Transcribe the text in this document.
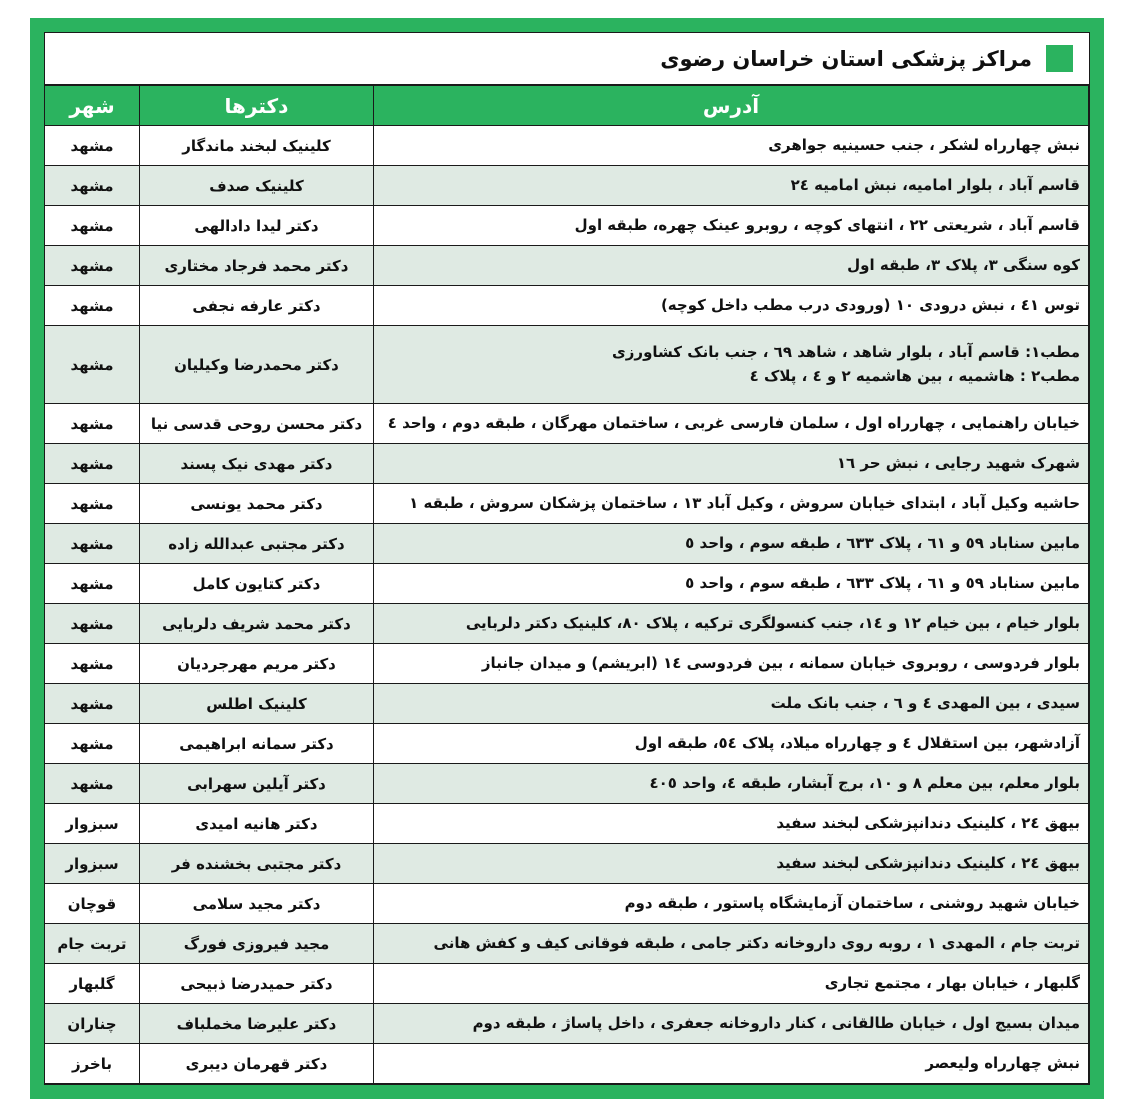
مراکز پزشکی استان خراسان رضوی
آدرس	دکترها	شهر
نبش چهارراه لشکر ، جنب حسینیه جواهری	کلینیک لبخند ماندگار	مشهد
قاسم آباد ، بلوار امامیه، نبش امامیه ٢٤	کلینیک صدف	مشهد
قاسم آباد ، شریعتی ٢٢ ، انتهای کوچه ، روبرو عینک چهره، طبقه اول	دکتر لیدا دادالهی	مشهد
کوه سنگی ٣، پلاک ٣، طبقه اول	دکتر محمد فرجاد مختاری	مشهد
توس ٤١ ، نبش درودی ١٠ (ورودی درب مطب داخل کوچه)	دکتر عارفه نجفی	مشهد

مطب١: قاسم آباد ، بلوار شاهد ، شاهد ٦٩ ، جنب بانک کشاورزی
مطب٢ : هاشمیه ، بین هاشمیه ٢ و ٤ ، پلاک ٤	دکتر محمدرضا وکیلیان	مشهد
خیابان راهنمایی ، چهارراه اول ، سلمان فارسی غربی ، ساختمان مهرگان ، طبقه دوم ، واحد ٤	دکتر محسن روحی قدسی نیا	مشهد
شهرک شهید رجایی ، نبش حر ١٦	دکتر مهدی نیک پسند	مشهد
حاشیه وکیل آباد ، ابتدای خیابان سروش ، وکیل آباد ١٣ ، ساختمان پزشکان سروش ، طبقه ١	دکتر محمد یونسی	مشهد
مابین سناباد ٥٩ و ٦١ ، پلاک ٦٣٣ ، طبقه سوم ، واحد ٥	دکتر مجتبی عبدالله زاده	مشهد
مابین سناباد ٥٩ و ٦١ ، پلاک ٦٣٣ ، طبقه سوم ، واحد ٥	دکتر کتایون کامل	مشهد
بلوار خیام ، بین خیام ١٢ و ١٤، جنب کنسولگری ترکیه ، پلاک ٨٠، کلینیک دکتر دلربایی	دکتر محمد شریف دلربایی	مشهد
بلوار فردوسی ، روبروی خیابان سمانه ، بین فردوسی ١٤ (ابریشم) و میدان جانباز	دکتر مریم مهرجردیان	مشهد
سیدی ، بین المهدی ٤ و ٦ ، جنب بانک ملت	کلینیک اطلس	مشهد
آزادشهر، بین استقلال ٤ و چهارراه میلاد، پلاک ٥٤، طبقه اول	دکتر سمانه ابراهیمی	مشهد
بلوار معلم، بین معلم ٨ و ١٠، برج آبشار، طبقه ٤، واحد ٤٠٥	دکتر آیلین سهرابی	مشهد
بیهق ٢٤ ، کلینیک دندانپزشکی لبخند سفید	دکتر هانیه امیدی	سبزوار
بیهق ٢٤ ، کلینیک دندانپزشکی لبخند سفید	دکتر مجتبی بخشنده فر	سبزوار
خیابان شهید روشنی ، ساختمان آزمایشگاه پاستور ، طبقه دوم	دکتر مجید سلامی	قوچان
تربت جام ، المهدی ١ ، روبه روی داروخانه دکتر جامی ، طبقه فوقانی کیف و کفش هانی	مجید فیروزی فورگ	تربت جام
گلبهار ، خیابان بهار ، مجتمع تجاری	دکتر حمیدرضا ذبیحی	گلبهار
میدان بسیج اول ، خیابان طالقانی ، کنار داروخانه جعفری ، داخل پاساژ ، طبقه دوم	دکتر علیرضا مخملباف	چناران
نبش چهارراه ولیعصر	دکتر قهرمان دیبری	باخرز
